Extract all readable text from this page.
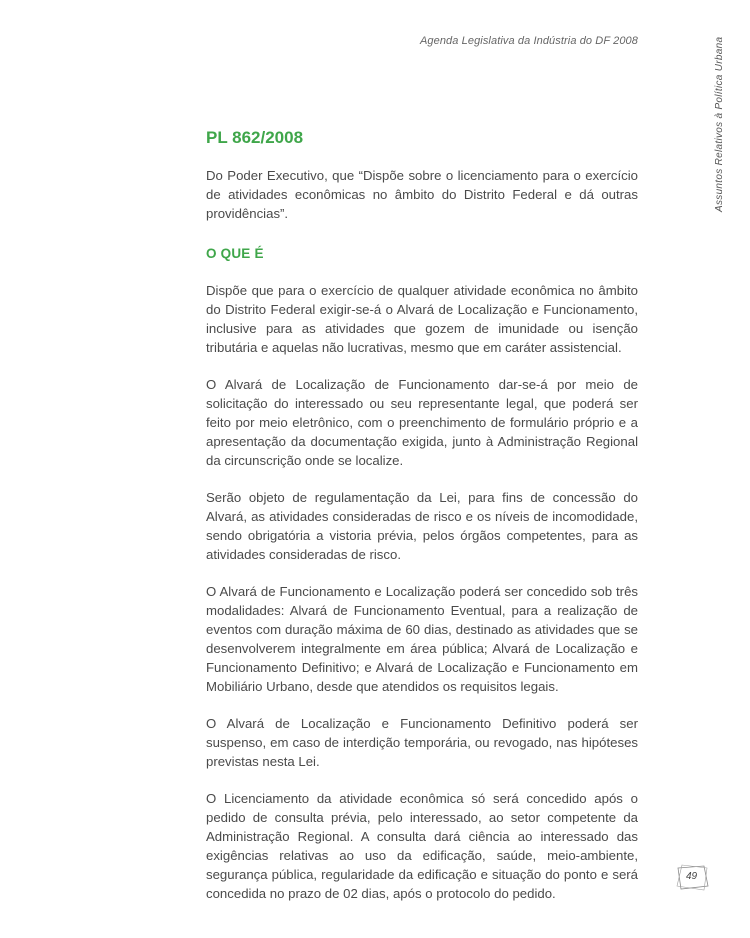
Agenda Legislativa da Indústria do DF 2008	Assuntos Relativos à Política Urbana
PL 862/2008

Do Poder Executivo, que “Dispõe sobre o licenciamento para o exercício de atividades econômicas no âmbito do Distrito Federal e dá outras providências”.

O QUE É

Dispõe que para o exercício de qualquer atividade econômica no âmbito do Distrito Federal exigir-se-á o Alvará de Localização e Funcionamento, inclusive para as atividades que gozem de imunidade ou isenção tributária e aquelas não lucrativas, mesmo que em caráter assistencial.

O Alvará de Localização de Funcionamento dar-se-á por meio de solicitação do interessado ou seu representante legal, que poderá ser feito por meio eletrônico, com o preenchimento de formulário próprio e a apresentação da documentação exigida, junto à Administração Regional da circunscrição onde se localize.

Serão objeto de regulamentação da Lei, para fins de concessão do Alvará, as atividades consideradas de risco e os níveis de incomodidade, sendo obrigatória a vistoria prévia, pelos órgãos competentes, para as atividades consideradas de risco.

O Alvará de Funcionamento e Localização poderá ser concedido sob três modalidades: Alvará de Funcionamento Eventual, para a realização de eventos com duração máxima de 60 dias, destinado as atividades que se desenvolverem integralmente em área pública; Alvará de Localização e Funcionamento Definitivo; e Alvará de Localização e Funcionamento em Mobiliário Urbano, desde que atendidos os requisitos legais.

O Alvará de Localização e Funcionamento Definitivo poderá ser suspenso, em caso de interdição temporária, ou revogado, nas hipóteses previstas nesta Lei.

O Licenciamento da atividade econômica só será concedido após o pedido de consulta prévia, pelo interessado, ao setor competente da Administração Regional. A consulta dará ciência ao interessado das exigências relativas ao uso da edificação, saúde, meio-ambiente, segurança pública, regularidade da edificação e situação do ponto e será concedida no prazo de 02 dias, após o protocolo do pedido.

49
